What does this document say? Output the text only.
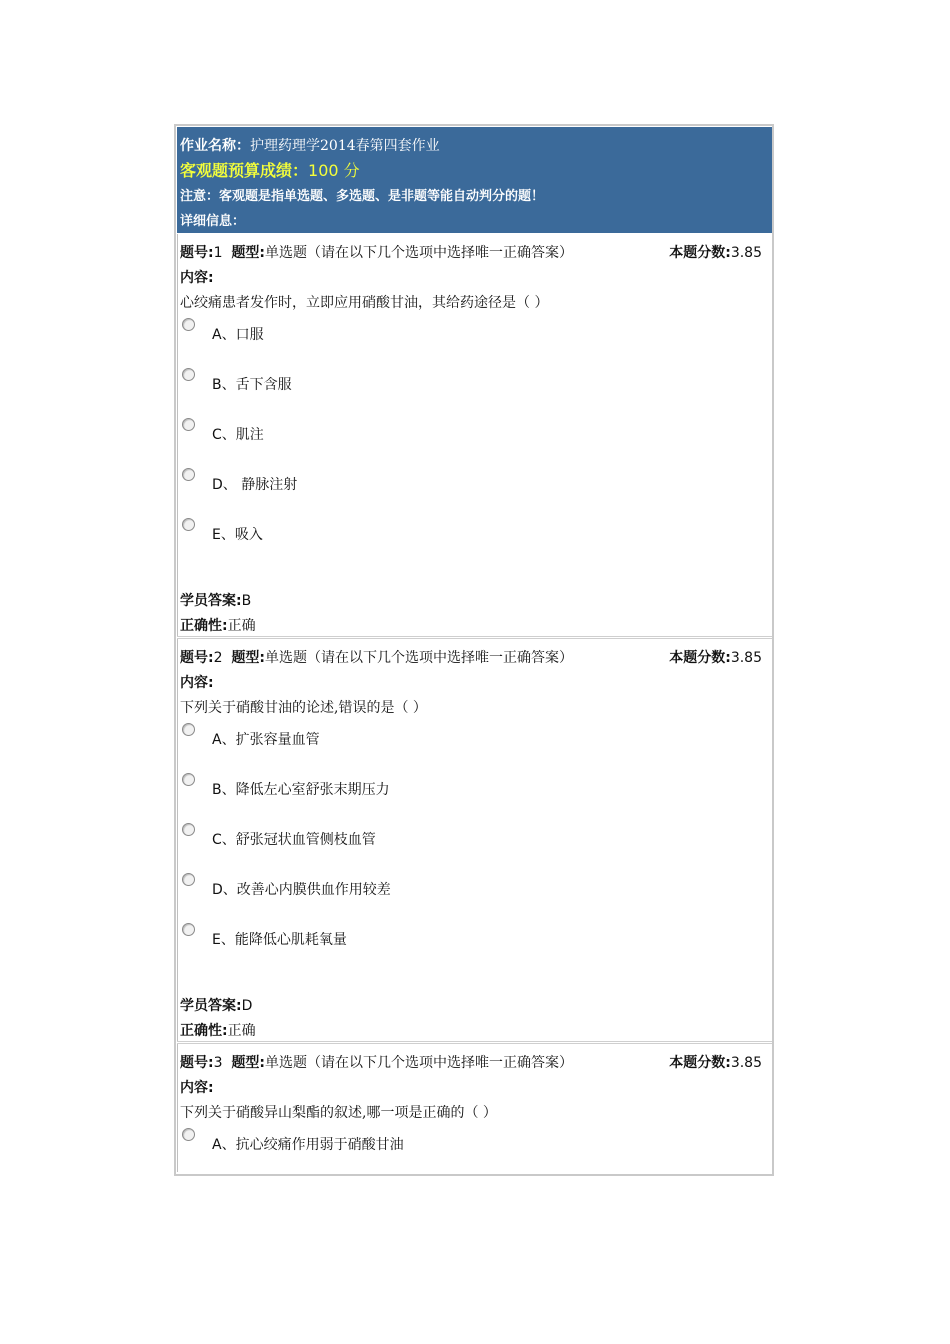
作业名称：护理药理学2014春第四套作业
客观题预算成绩：100 分
注意：客观题是指单选题、多选题、是非题等能自动判分的题！
详细信息：
题号:1 题型:单选题（请在以下几个选项中选择唯一正确答案）	本题分数:3.85
内容:
心绞痛患者发作时，立即应用硝酸甘油，其给药途径是（ ）
A、口服
B、舌下含服
C、肌注
D、 静脉注射
E、吸入
学员答案:B
正确性:正确
题号:2 题型:单选题（请在以下几个选项中选择唯一正确答案）	本题分数:3.85
内容:
下列关于硝酸甘油的论述,错误的是（ ）
A、扩张容量血管
B、降低左心室舒张末期压力
C、舒张冠状血管侧枝血管
D、改善心内膜供血作用较差
E、能降低心肌耗氧量
学员答案:D
正确性:正确
题号:3 题型:单选题（请在以下几个选项中选择唯一正确答案）	本题分数:3.85
内容:
下列关于硝酸异山梨酯的叙述,哪一项是正确的（ ）
A、抗心绞痛作用弱于硝酸甘油
